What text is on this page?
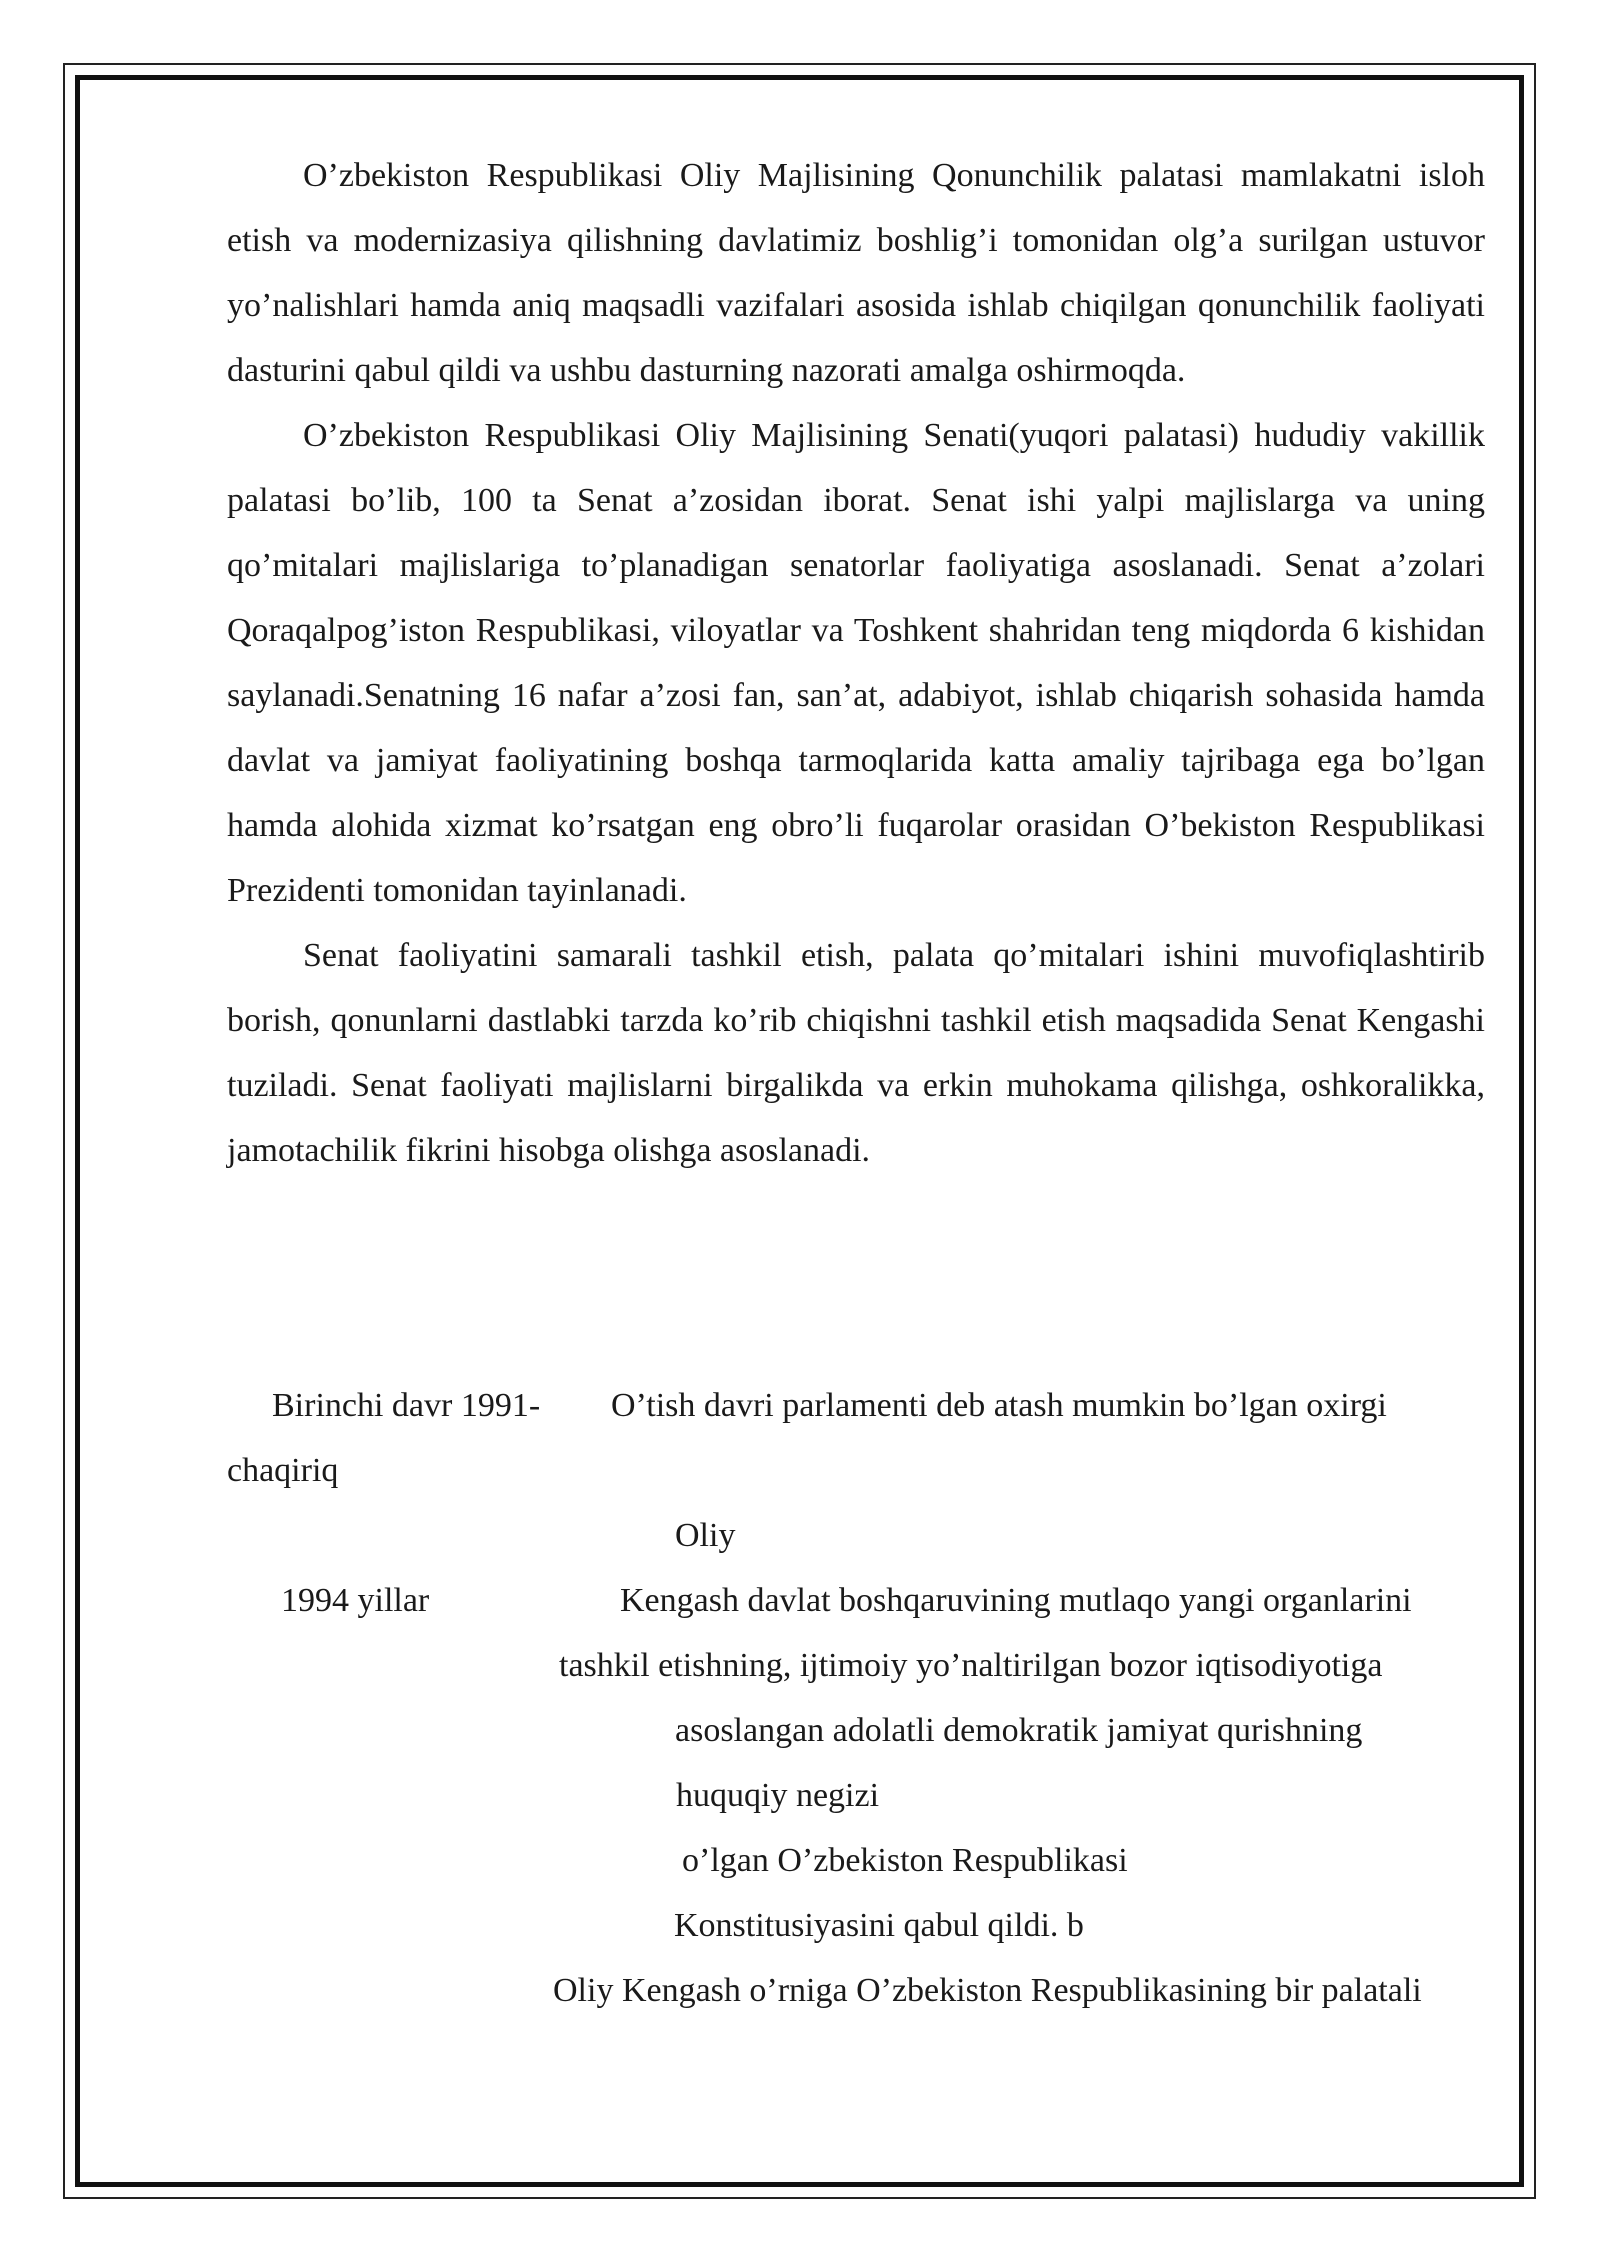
O’zbekiston Respublikasi Oliy Majlisining Qonunchilik palatasi mamlakatni isloh etish va modernizasiya qilishning davlatimiz boshlig’i tomonidan olg’a surilgan ustuvor yo’nalishlari hamda aniq maqsadli vazifalari asosida ishlab chiqilgan qonunchilik faoliyati dasturini qabul qildi va ushbu dasturning nazorati amalga oshirmoqda.

O’zbekiston Respublikasi Oliy Majlisining Senati(yuqori palatasi) hududiy vakillik palatasi bo’lib, 100 ta Senat a’zosidan iborat. Senat ishi yalpi majlislarga va uning qo’mitalari majlislariga to’planadigan senatorlar faoliyatiga asoslanadi. Senat a’zolari Qoraqalpog’iston Respublikasi, viloyatlar va Toshkent shahridan teng miqdorda 6 kishidan saylanadi.Senatning 16 nafar a’zosi fan, san’at, adabiyot, ishlab chiqarish sohasida hamda davlat va jamiyat faoliyatining boshqa tarmoqlarida katta amaliy tajribaga ega bo’lgan hamda alohida xizmat ko’rsatgan eng obro’li fuqarolar orasidan O’bekiston Respublikasi Prezidenti tomonidan tayinlanadi.

Senat faoliyatini samarali tashkil etish, palata qo’mitalari ishini muvofiqlashtirib borish, qonunlarni dastlabki tarzda ko’rib chiqishni tashkil etish maqsadida Senat Kengashi tuziladi. Senat faoliyati majlislarni birgalikda va erkin muhokama qilishga, oshkoralikka, jamotachilik fikrini hisobga olishga asoslanadi.

Birinchi davr 1991- O’tish davri parlamenti deb atash mumkin bo’lgan oxirgi
chaqiriq
Oliy
1994 yillar	Kengash davlat boshqaruvining mutlaqo yangi organlarini
tashkil etishning, ijtimoiy yo’naltirilgan bozor iqtisodiyotiga
asoslangan adolatli demokratik jamiyat qurishning
huquqiy negizi
o’lgan O’zbekiston Respublikasi
Konstitusiyasini qabul qildi. b
Oliy Kengash o’rniga O’zbekiston Respublikasining bir palatali
